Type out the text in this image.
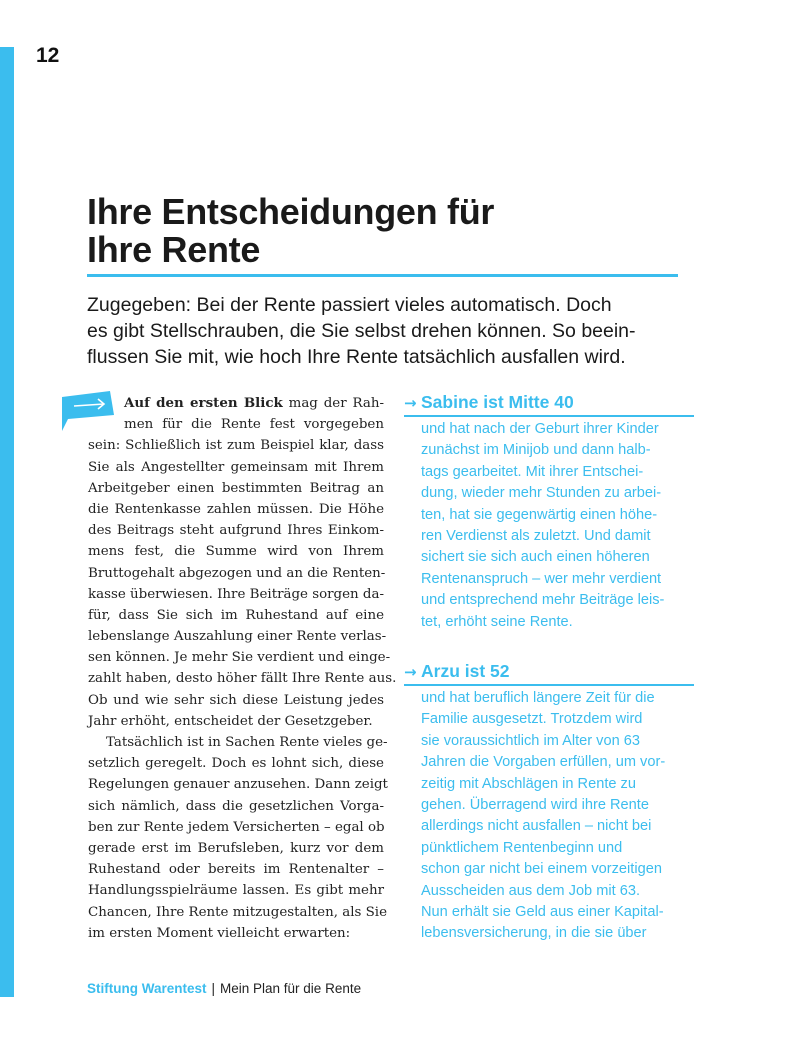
12
Ihre Entscheidungen für
Ihre Rente
Zugegeben: Bei der Rente passiert vieles automatisch. Doch
es gibt Stellschrauben, die Sie selbst drehen können. So beein-
flussen Sie mit, wie hoch Ihre Rente tatsächlich ausfallen wird.
Auf den ersten Blick mag der Rah-
men für die Rente fest vorgegeben
sein: Schließlich ist zum Beispiel klar, dass
Sie als Angestellter gemeinsam mit Ihrem
Arbeitgeber einen bestimmten Beitrag an
die Rentenkasse zahlen müssen. Die Höhe
des Beitrags steht aufgrund Ihres Einkom-
mens fest, die Summe wird von Ihrem
Bruttogehalt abgezogen und an die Renten-
kasse überwiesen. Ihre Beiträge sorgen da-
für, dass Sie sich im Ruhestand auf eine
lebenslange Auszahlung einer Rente verlas-
sen können. Je mehr Sie verdient und einge-
zahlt haben, desto höher fällt Ihre Rente aus.
Ob und wie sehr sich diese Leistung jedes
Jahr erhöht, entscheidet der Gesetzgeber.
Tatsächlich ist in Sachen Rente vieles ge-
setzlich geregelt. Doch es lohnt sich, diese
Regelungen genauer anzusehen. Dann zeigt
sich nämlich, dass die gesetzlichen Vorga-
ben zur Rente jedem Versicherten – egal ob
gerade erst im Berufsleben, kurz vor dem
Ruhestand oder bereits im Rentenalter –
Handlungsspielräume lassen. Es gibt mehr
Chancen, Ihre Rente mitzugestalten, als Sie
im ersten Moment vielleicht erwarten:
→ Sabine ist Mitte 40
und hat nach der Geburt ihrer Kinder
zunächst im Minijob und dann halb-
tags gearbeitet. Mit ihrer Entschei-
dung, wieder mehr Stunden zu arbei-
ten, hat sie gegenwärtig einen höhe-
ren Verdienst als zuletzt. Und damit
sichert sie sich auch einen höheren
Rentenanspruch – wer mehr verdient
und entsprechend mehr Beiträge leis-
tet, erhöht seine Rente.
→ Arzu ist 52
und hat beruflich längere Zeit für die
Familie ausgesetzt. Trotzdem wird
sie voraussichtlich im Alter von 63
Jahren die Vorgaben erfüllen, um vor-
zeitig mit Abschlägen in Rente zu
gehen. Überragend wird ihre Rente
allerdings nicht ausfallen – nicht bei
pünktlichem Rentenbeginn und
schon gar nicht bei einem vorzeitigen
Ausscheiden aus dem Job mit 63.
Nun erhält sie Geld aus einer Kapital-
lebensversicherung, in die sie über
Stiftung Warentest | Mein Plan für die Rente
